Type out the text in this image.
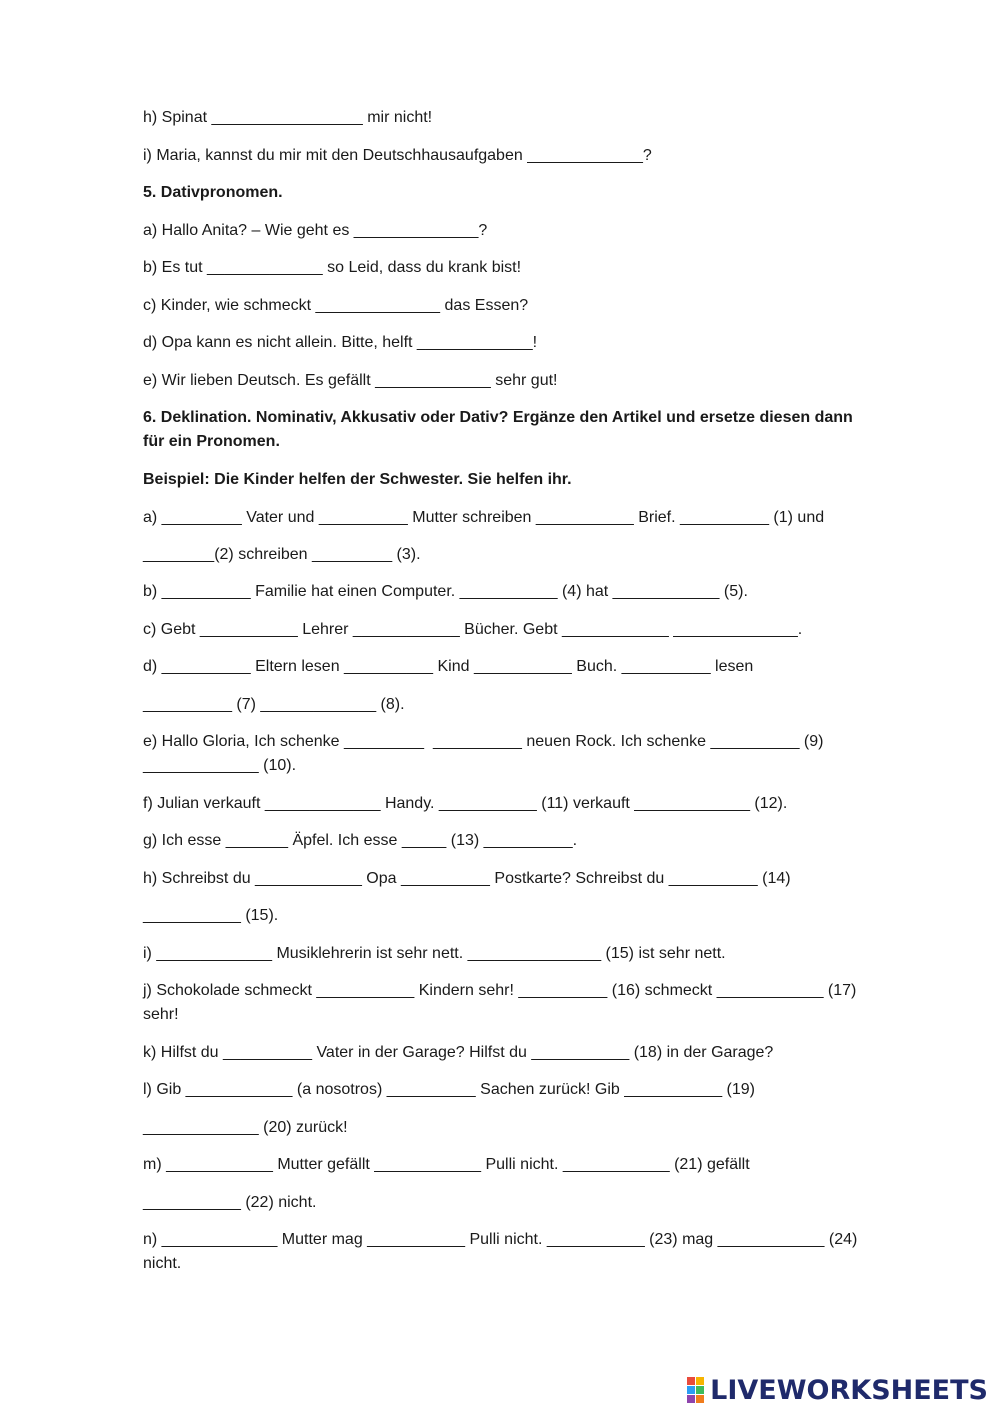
h) Spinat _________________ mir nicht!
i) Maria, kannst du mir mit den Deutschhausaufgaben _____________?
5. Dativpronomen.
a) Hallo Anita? – Wie geht es ______________?
b) Es tut _____________ so Leid, dass du krank bist!
c) Kinder, wie schmeckt ______________ das Essen?
d) Opa kann es nicht allein. Bitte, helft _____________!
e) Wir lieben Deutsch. Es gefällt _____________ sehr gut!
6. Deklination. Nominativ, Akkusativ oder Dativ? Ergänze den Artikel und ersetze diesen dann für ein Pronomen.
Beispiel: Die Kinder helfen der Schwester. Sie helfen ihr.
a) _________ Vater und __________ Mutter schreiben ___________ Brief. __________ (1) und
________(2) schreiben _________ (3).
b) __________ Familie hat einen Computer. ___________ (4) hat ____________ (5).
c) Gebt ___________ Lehrer ____________ Bücher. Gebt ____________ ______________.
d) __________ Eltern lesen __________ Kind ___________ Buch. __________ lesen
__________ (7) _____________ (8).
e) Hallo Gloria, Ich schenke _________  __________ neuen Rock. Ich schenke __________ (9) _____________ (10).
f) Julian verkauft _____________ Handy. ___________ (11) verkauft _____________ (12).
g) Ich esse _______ Äpfel. Ich esse _____ (13) __________.
h) Schreibst du ____________ Opa __________ Postkarte? Schreibst du __________ (14)
___________ (15).
i) _____________ Musiklehrerin ist sehr nett. _______________ (15) ist sehr nett.
j) Schokolade schmeckt ___________ Kindern sehr! __________ (16) schmeckt ____________ (17) sehr!
k) Hilfst du __________ Vater in der Garage? Hilfst du ___________ (18) in der Garage?
l) Gib ____________ (a nosotros) __________ Sachen zurück! Gib ___________ (19)
_____________ (20) zurück!
m) ____________ Mutter gefällt ____________ Pulli nicht. ____________ (21) gefällt
___________ (22) nicht.
n) _____________ Mutter mag ___________ Pulli nicht. ___________ (23) mag ____________ (24) nicht.
LIVEWORKSHEETS
